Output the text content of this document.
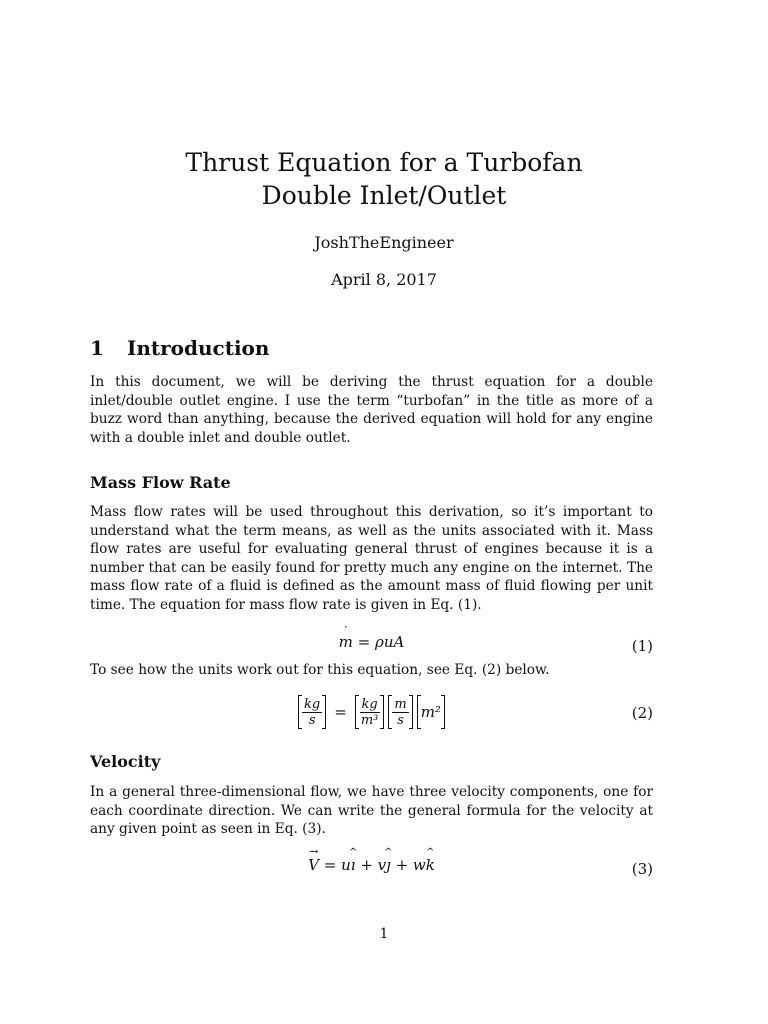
Thrust Equation for a Turbofan
Double Inlet/Outlet
JoshTheEngineer
April 8, 2017
1 Introduction
In this document, we will be deriving the thrust equation for a double inlet/double outlet engine. I use the term “turbofan” in the title as more of a buzz word than anything, because the derived equation will hold for any engine with a double inlet and double outlet.
Mass Flow Rate
Mass flow rates will be used throughout this derivation, so it’s important to understand what the term means, as well as the units associated with it. Mass flow rates are useful for evaluating general thrust of engines because it is a number that can be easily found for pretty much any engine on the internet. The mass flow rate of a fluid is defined as the amount mass of fluid flowing per unit time. The equation for mass flow rate is given in Eq. (1).
m ˙ = ρuA	(1)
To see how the units work out for this equation, see Eq. (2) below.
$\frac{kg}{s} = \frac{kg}{\text{m³}} \frac{m}{s} m^2$	(2)
Velocity
In a general three-dimensional flow, we have three velocity components, one for each coordinate direction. We can write the general formula for the velocity at any given point as seen in Eq. (3).
V → = uı ^ + vȷ ^ + wk ^	(3)
1
